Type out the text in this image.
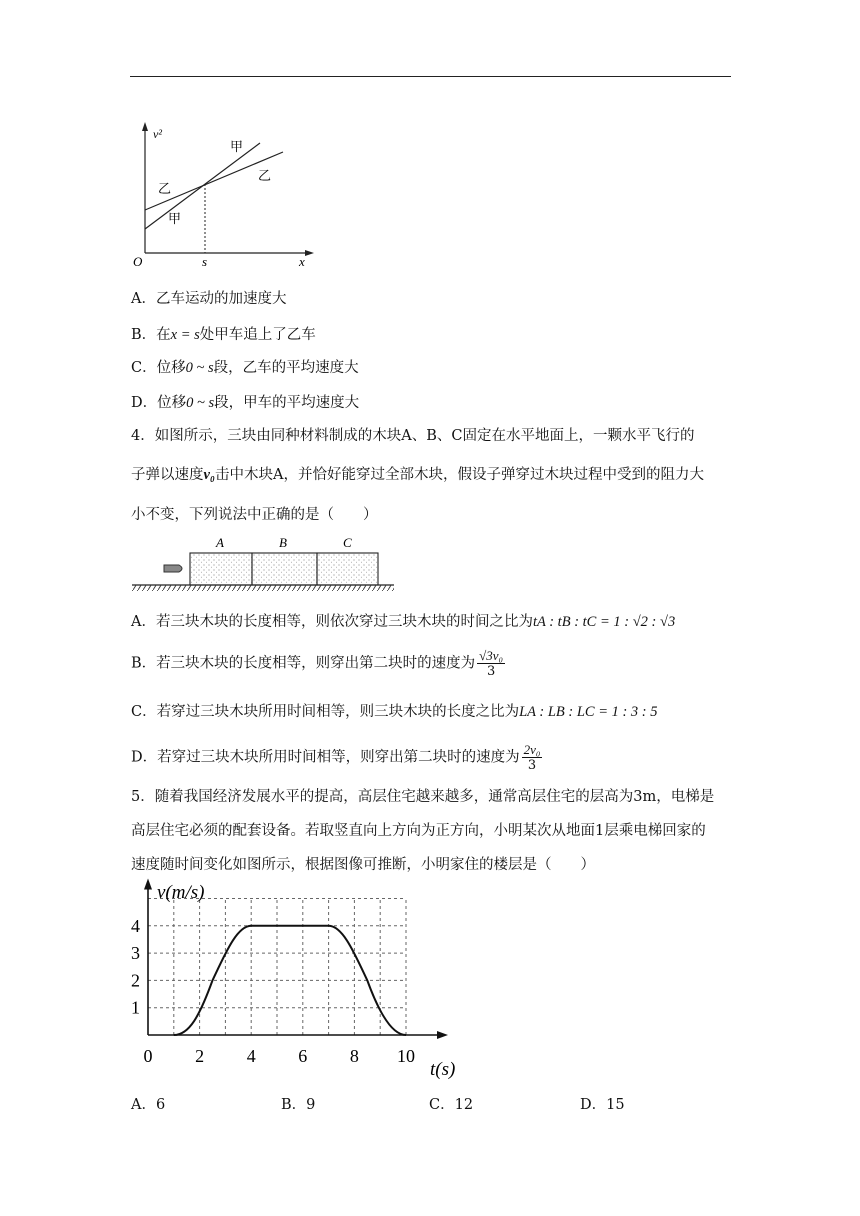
v²
x
O	s
甲
乙
乙
甲
A．乙车运动的加速度大
B．在x = s处甲车追上了乙车
C．位移0 ~ s段，乙车的平均速度大
D．位移0 ~ s段，甲车的平均速度大
4．如图所示，三块由同种材料制成的木块A、B、C固定在水平地面上，一颗水平飞行的
子弹以速度v₀击中木块A，并恰好能穿过全部木块，假设子弹穿过木块过程中受到的阻力大
小不变，下列说法中正确的是（　　）
A	B	C
A．若三块木块的长度相等，则依次穿过三块木块的时间之比为tA : tB : tC = 1 : √2 : √3
B．若三块木块的长度相等，则穿出第二块时的速度为 $\frac{\text{√3v₀}}{3}$
C．若穿过三块木块所用时间相等，则三块木块的长度之比为LA : LB : LC = 1 : 3 : 5
D．若穿过三块木块所用时间相等，则穿出第二块时的速度为 $\frac{\text{2v₀}}{3}$
5．随着我国经济发展水平的提高，高层住宅越来越多，通常高层住宅的层高为3m，电梯是
高层住宅必须的配套设备。若取竖直向上方向为正方向，小明某次从地面1层乘电梯回家的
速度随时间变化如图所示，根据图像可推断，小明家住的楼层是（　　）
0 2 4 6 8 10
1
2
3
4
v(m/s)
t(s)
A．6	B．9	C．12	D．15
